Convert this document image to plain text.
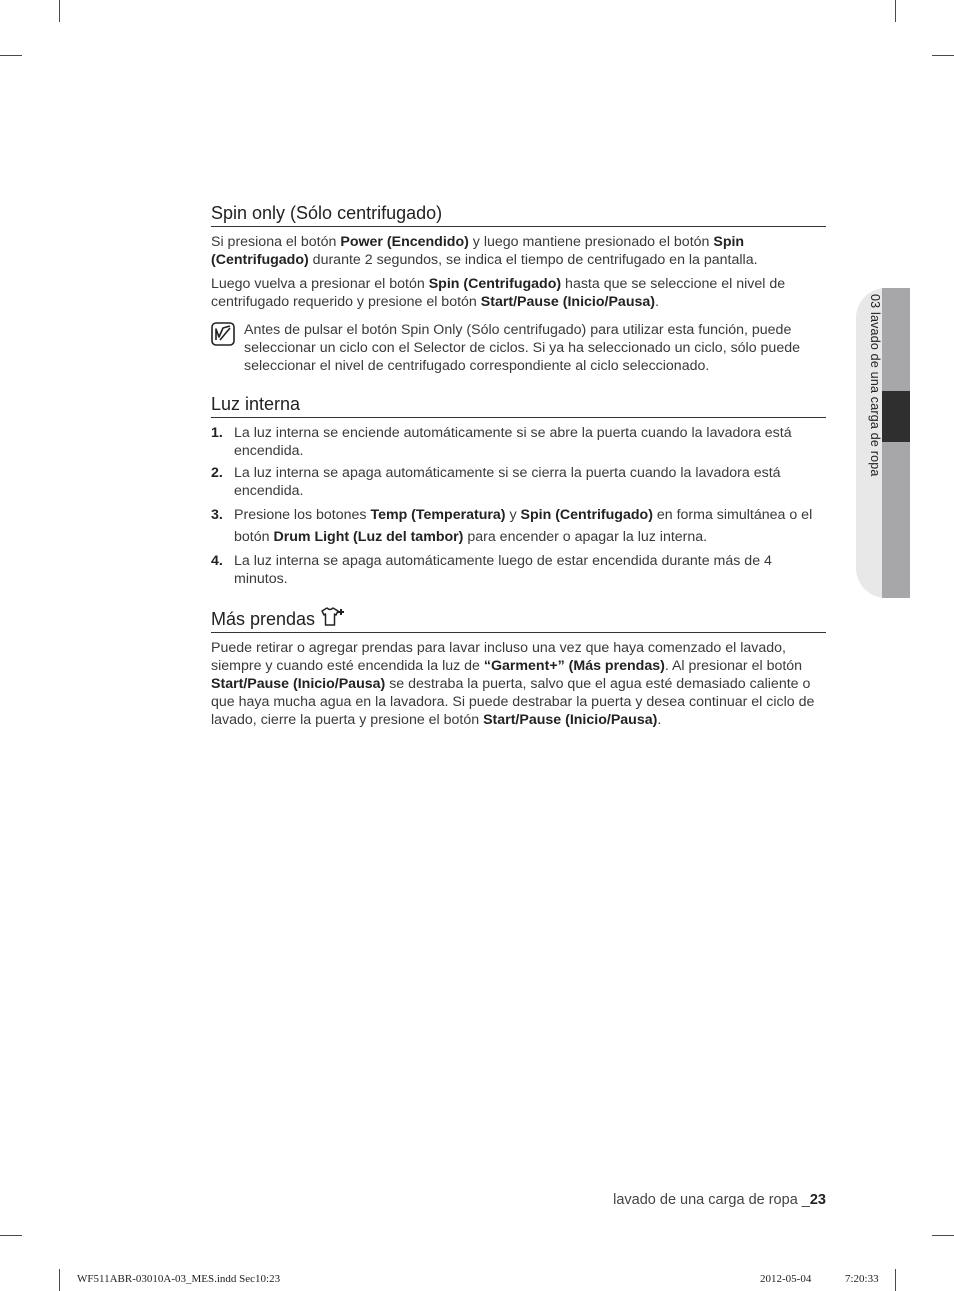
Spin only (Sólo centrifugado)

Si presiona el botón Power (Encendido) y luego mantiene presionado el botón Spin (Centrifugado) durante 2 segundos, se indica el tiempo de centrifugado en la pantalla.

Luego vuelva a presionar el botón Spin (Centrifugado) hasta que se seleccione el nivel de centrifugado requerido y presione el botón Start/Pause (Inicio/Pausa).

Antes de pulsar el botón Spin Only (Sólo centrifugado) para utilizar esta función, puede seleccionar un ciclo con el Selector de ciclos. Si ya ha seleccionado un ciclo, sólo puede seleccionar el nivel de centrifugado correspondiente al ciclo seleccionado.

Luz interna
1. La luz interna se enciende automáticamente si se abre la puerta cuando la lavadora está encendida.
2. La luz interna se apaga automáticamente si se cierra la puerta cuando la lavadora está encendida.
3. Presione los botones Temp (Temperatura) y Spin (Centrifugado) en forma simultánea o el botón Drum Light (Luz del tambor) para encender o apagar la luz interna.
4. La luz interna se apaga automáticamente luego de estar encendida durante más de 4 minutos.
Más prendas

Puede retirar o agregar prendas para lavar incluso una vez que haya comenzado el lavado, siempre y cuando esté encendida la luz de “Garment+” (Más prendas). Al presionar el botón Start/Pause (Inicio/Pausa) se destraba la puerta, salvo que el agua esté demasiado caliente o que haya mucha agua en la lavadora. Si puede destrabar la puerta y desea continuar el ciclo de lavado, cierre la puerta y presione el botón Start/Pause (Inicio/Pausa).

03 lavado de una carga de ropa
lavado de una carga de ropa _23
WF511ABR-03010A-03_MES.indd Sec10:23	2012-05-04	7:20:33
